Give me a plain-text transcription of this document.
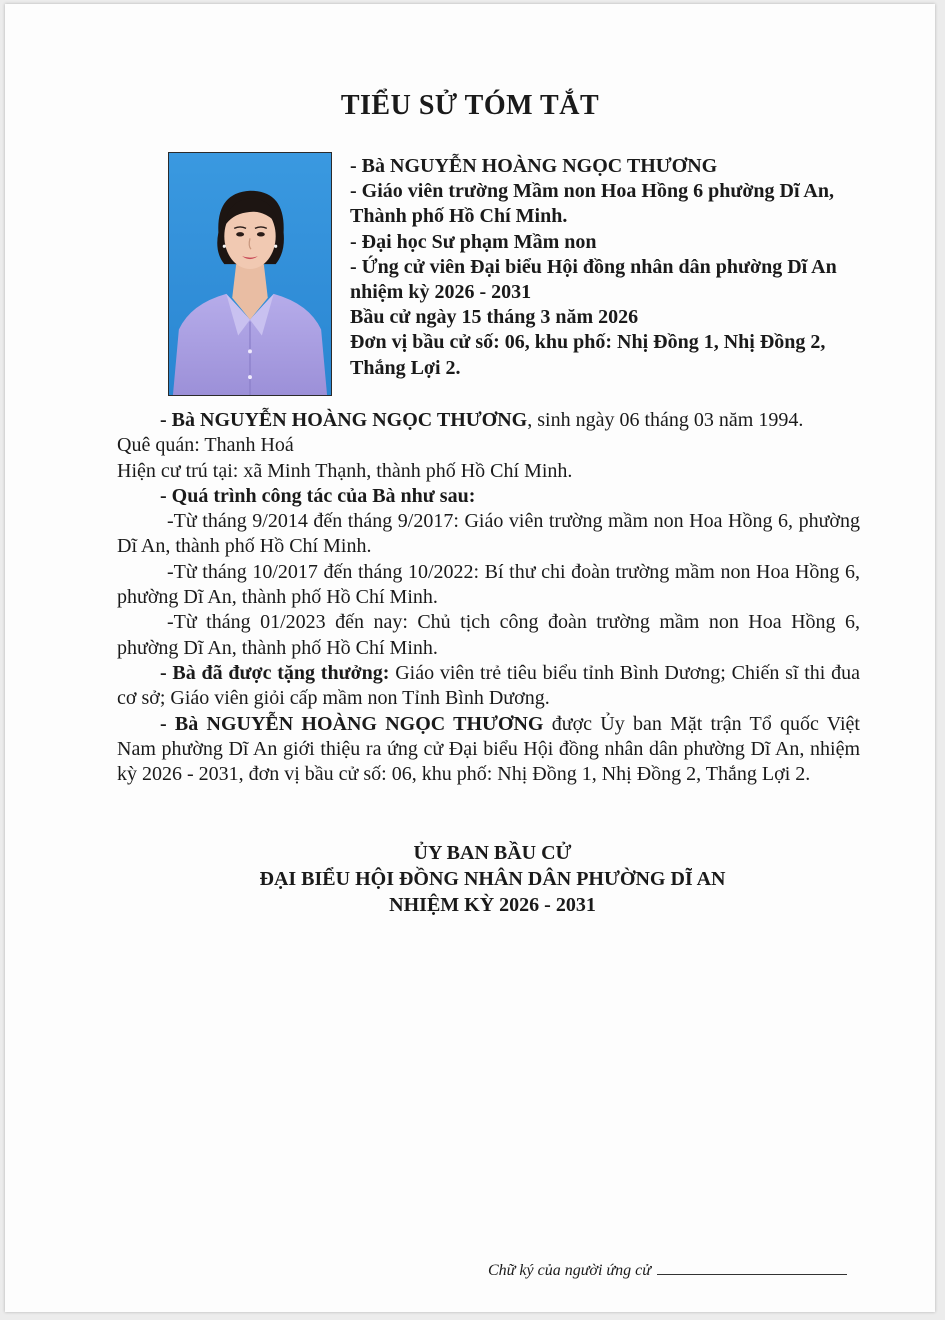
TIỂU SỬ TÓM TẮT
- Bà NGUYỄN HOÀNG NGỌC THƯƠNG
- Giáo viên trường Mầm non Hoa Hồng 6 phường Dĩ An, Thành phố Hồ Chí Minh.
- Đại học Sư phạm Mầm non
- Ứng cử viên Đại biểu Hội đồng nhân dân phường Dĩ An nhiệm kỳ 2026 - 2031
Bầu cử ngày 15 tháng 3 năm 2026
Đơn vị bầu cử số: 06, khu phố: Nhị Đồng 1, Nhị Đồng 2, Thắng Lợi 2.

- Bà NGUYỄN HOÀNG NGỌC THƯƠNG, sinh ngày 06 tháng 03 năm 1994.

Quê quán: Thanh Hoá

Hiện cư trú tại: xã Minh Thạnh, thành phố Hồ Chí Minh.

- Quá trình công tác của Bà như sau:

-Từ tháng 9/2014 đến tháng 9/2017: Giáo viên trường mầm non Hoa Hồng 6, phường Dĩ An, thành phố Hồ Chí Minh.

-Từ tháng 10/2017 đến tháng 10/2022: Bí thư chi đoàn trường mầm non Hoa Hồng 6, phường Dĩ An, thành phố Hồ Chí Minh.

-Từ tháng 01/2023 đến nay: Chủ tịch công đoàn trường mầm non Hoa Hồng 6, phường Dĩ An, thành phố Hồ Chí Minh.

- Bà đã được tặng thưởng: Giáo viên trẻ tiêu biểu tỉnh Bình Dương; Chiến sĩ thi đua cơ sở; Giáo viên giỏi cấp mầm non Tỉnh Bình Dương.

- Bà NGUYỄN HOÀNG NGỌC THƯƠNG được Ủy ban Mặt trận Tổ quốc Việt Nam phường Dĩ An giới thiệu ra ứng cử Đại biểu Hội đồng nhân dân phường Dĩ An, nhiệm kỳ 2026 - 2031, đơn vị bầu cử số: 06, khu phố: Nhị Đồng 1, Nhị Đồng 2, Thắng Lợi 2.

ỦY BAN BẦU CỬ
ĐẠI BIỂU HỘI ĐỒNG NHÂN DÂN PHƯỜNG DĨ AN
NHIỆM KỲ 2026 - 2031
Chữ ký của người ứng cử
